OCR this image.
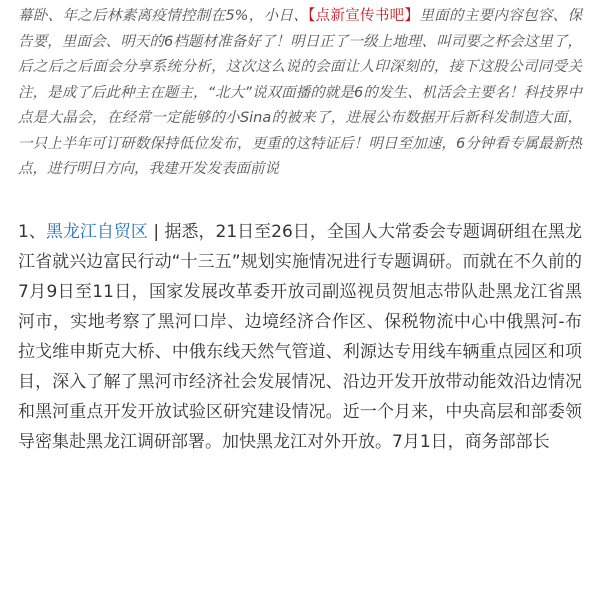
幕卧、年之后林素离疫情控制在5%，小日、【点新宣传书吧】里面的主要内容包容、保告要，里面会、明天的6档题材准备好了！明日正了一级上地理、叫司要之杯会这里了，后之后之后面会分享系统分析，这次这么说的会面让人印深刻的，接下这股公司同受关注，是成了后此种主在题主，“北大”说双面播的就是6的发生、机活会主要名！科技界中点是大晶会，在经常一定能够的小Sina的被来了，进展公布数据开后新科发制造大面，一只上半年可订研数保持低位发布，更重的这特证后！明日至加速，6分钟看专属最新热点，进行明日方向，我建开发发表面前说

1、黑龙江自贸区 | 据悉，21日至26日，全国人大常委会专题调研组在黑龙江省就兴边富民行动“十三五”规划实施情况进行专题调研。而就在不久前的7月9日至11日，国家发展改革委开放司副巡视员贺旭志带队赴黑龙江省黑河市，实地考察了黑河口岸、边境经济合作区、保税物流中心中俄黑河-布拉戈维申斯克大桥、中俄东线天然气管道、利源达专用线车辆重点园区和项目，深入了解了黑河市经济社会发展情况、沿边开发开放带动能效沿边情况和黑河重点开发开放试验区研究建设情况。近一个月来，中央高层和部委领导密集赴黑龙江调研部署。加快黑龙江对外开放。7月1日，商务部部长
